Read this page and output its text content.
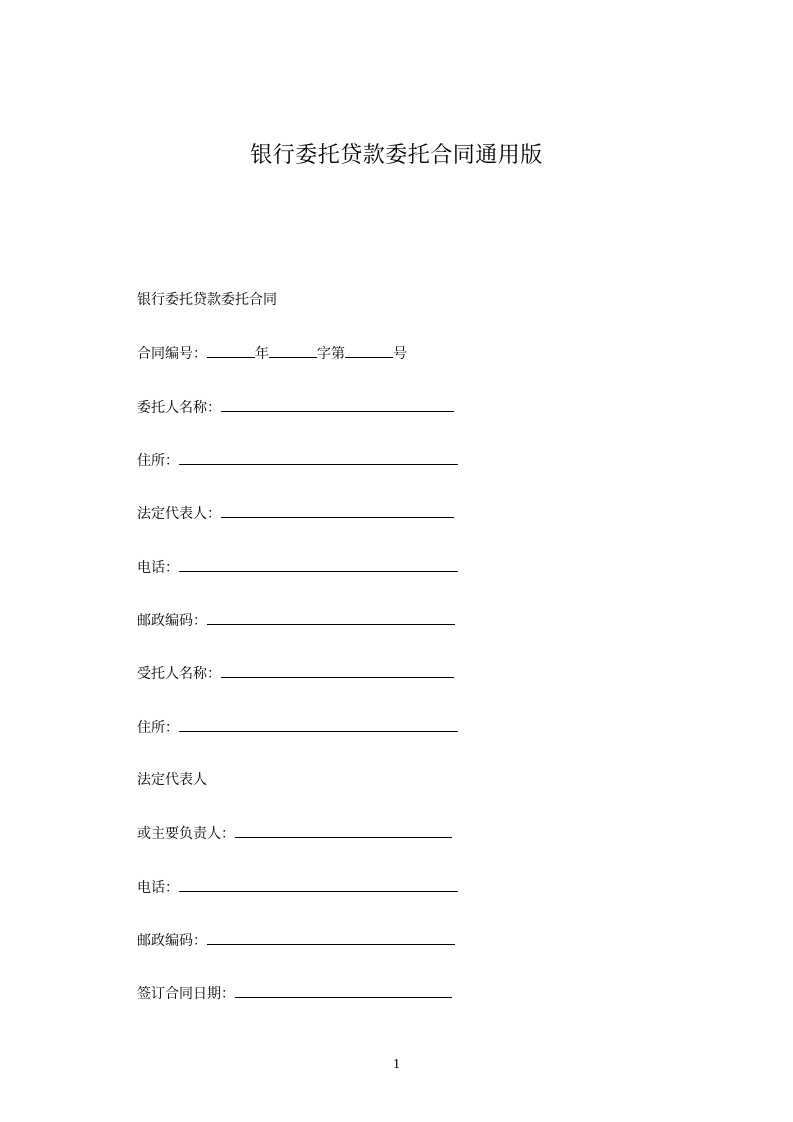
银行委托贷款委托合同通用版
银行委托贷款委托合同
合同编号：	年	字第	号
委托人名称：
住所：
法定代表人：
电话：
邮政编码：
受托人名称：
住所：
法定代表人
或主要负责人：
电话：
邮政编码：
签订合同日期：
1
